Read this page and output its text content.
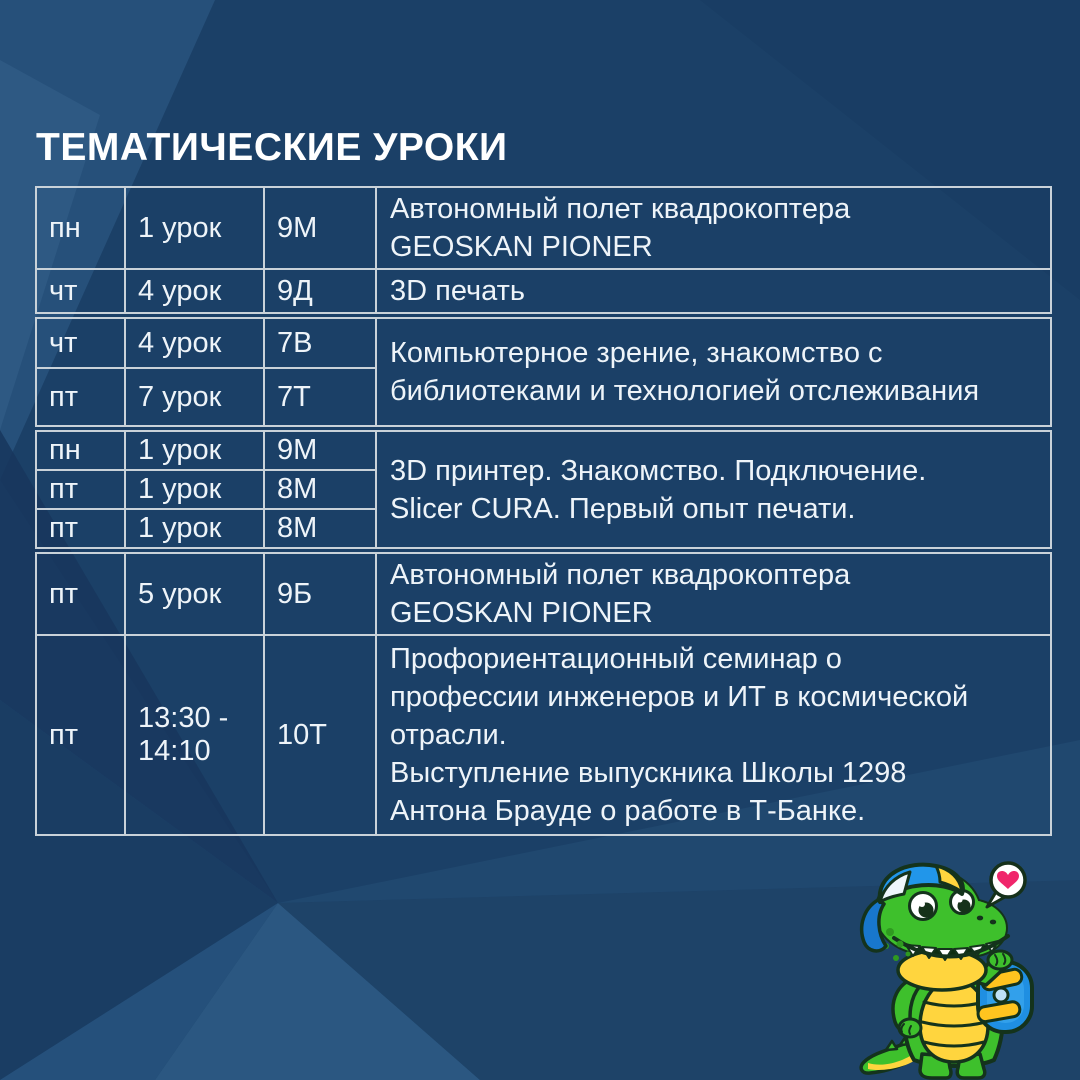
ТЕМАТИЧЕСКИЕ УРОКИ
пн	1 урок	9М	Автономный полет квадрокоптера
GEOSKAN PIONER

чт	4 урок	9Д	3D печать
чт	4 урок	7В	Компьютерное зрение, знакомство с
библиотеками и технологией отслеживания

пт	7 урок	7Т	
пн	1 урок	9М	3D принтер. Знакомство. Подключение.
Slicer CURA. Первый опыт печати.

пт	1 урок	8М	
пт	1 урок	8М	
пт	5 урок	9Б	Автономный полет квадрокоптера
GEOSKAN PIONER

пт	13:30 - 14:10	10Т	Профориентационный семинар о
профессии инженеров и ИТ в космической
отрасли.
Выступление выпускника Школы 1298
Антона Брауде о работе в Т-Банке.
